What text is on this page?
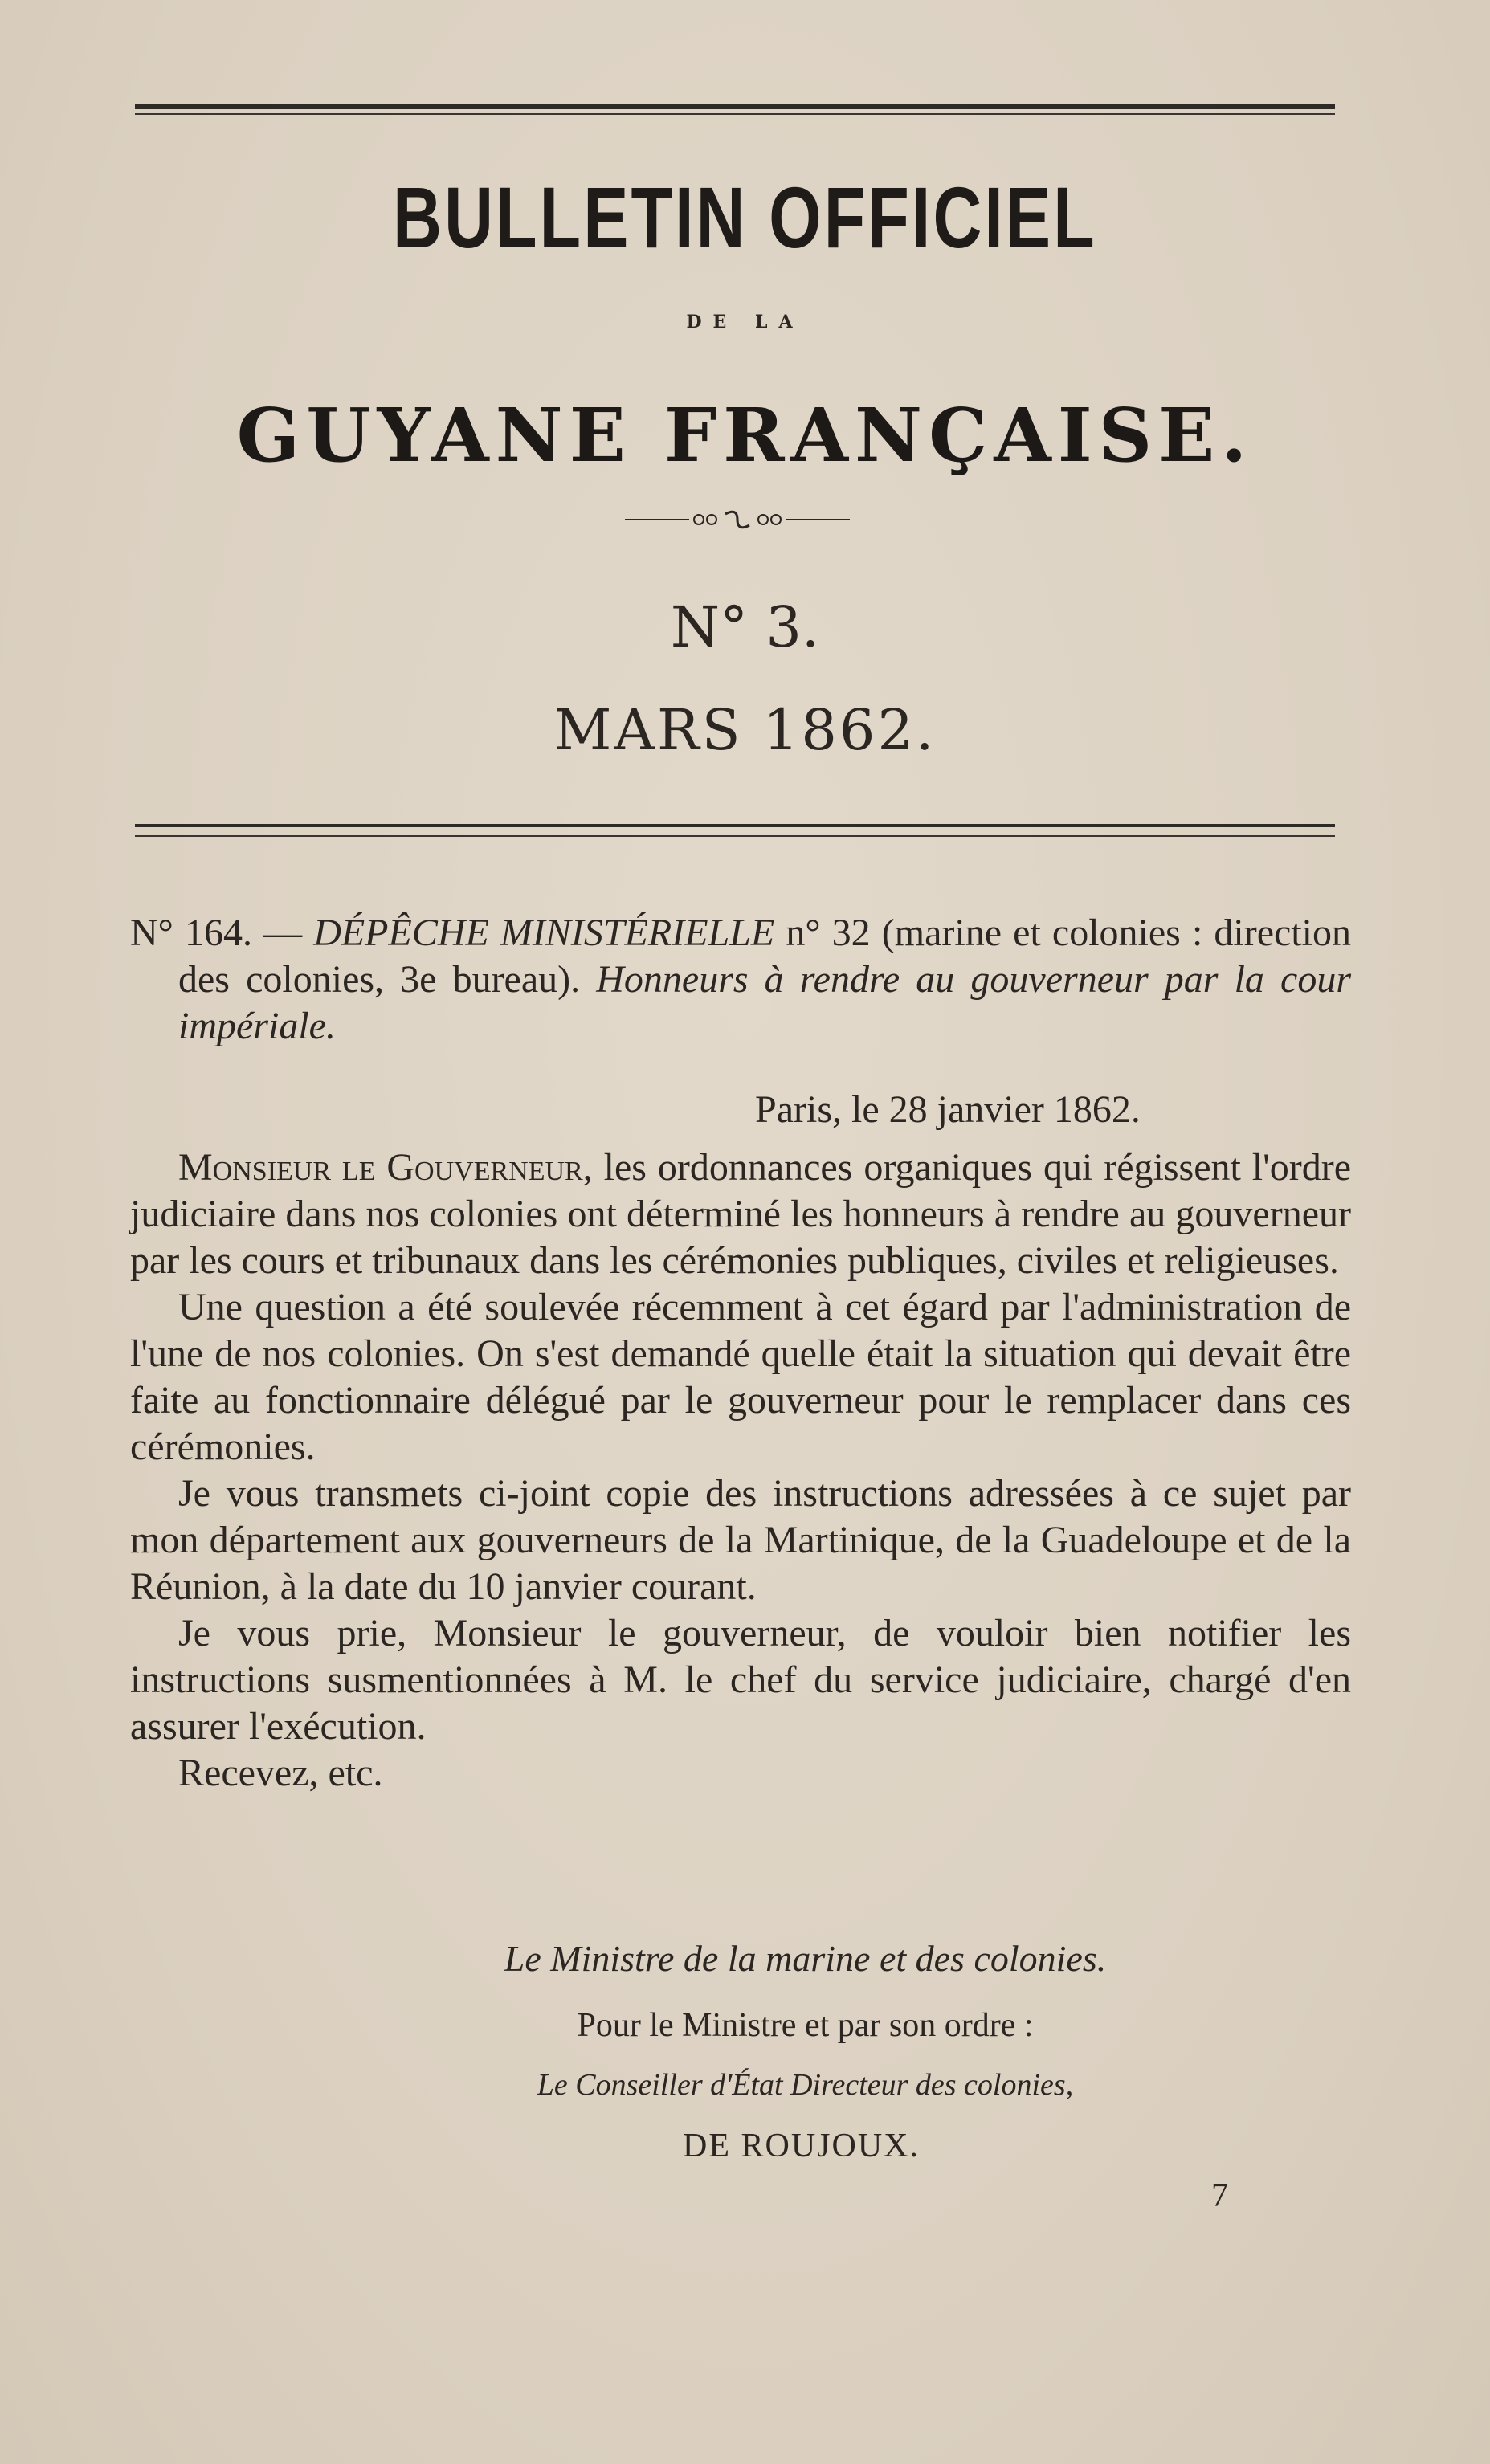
BULLETIN OFFICIEL
DE LA
GUYANE FRANÇAISE.
N° 3.
MARS 1862.

N° 164. — DÉPÊCHE MINISTÉRIELLE n° 32 (marine et colonies : direction des colonies, 3e bureau). Honneurs à rendre au gouverneur par la cour impériale.

Paris, le 28 janvier 1862.

Monsieur le Gouverneur, les ordonnances organiques qui régissent l'ordre judiciaire dans nos colonies ont déterminé les honneurs à rendre au gouverneur par les cours et tribunaux dans les cérémonies publiques, civiles et religieuses.

Une question a été soulevée récemment à cet égard par l'administration de l'une de nos colonies. On s'est demandé quelle était la situation qui devait être faite au fonctionnaire délégué par le gouverneur pour le remplacer dans ces cérémonies.

Je vous transmets ci-joint copie des instructions adressées à ce sujet par mon département aux gouverneurs de la Martinique, de la Guadeloupe et de la Réunion, à la date du 10 janvier courant.

Je vous prie, Monsieur le gouverneur, de vouloir bien notifier les instructions susmentionnées à M. le chef du service judiciaire, chargé d'en assurer l'exécution.

Recevez, etc.

Le Ministre de la marine et des colonies.
Pour le Ministre et par son ordre :
Le Conseiller d'État Directeur des colonies,
DE ROUJOUX.
7
